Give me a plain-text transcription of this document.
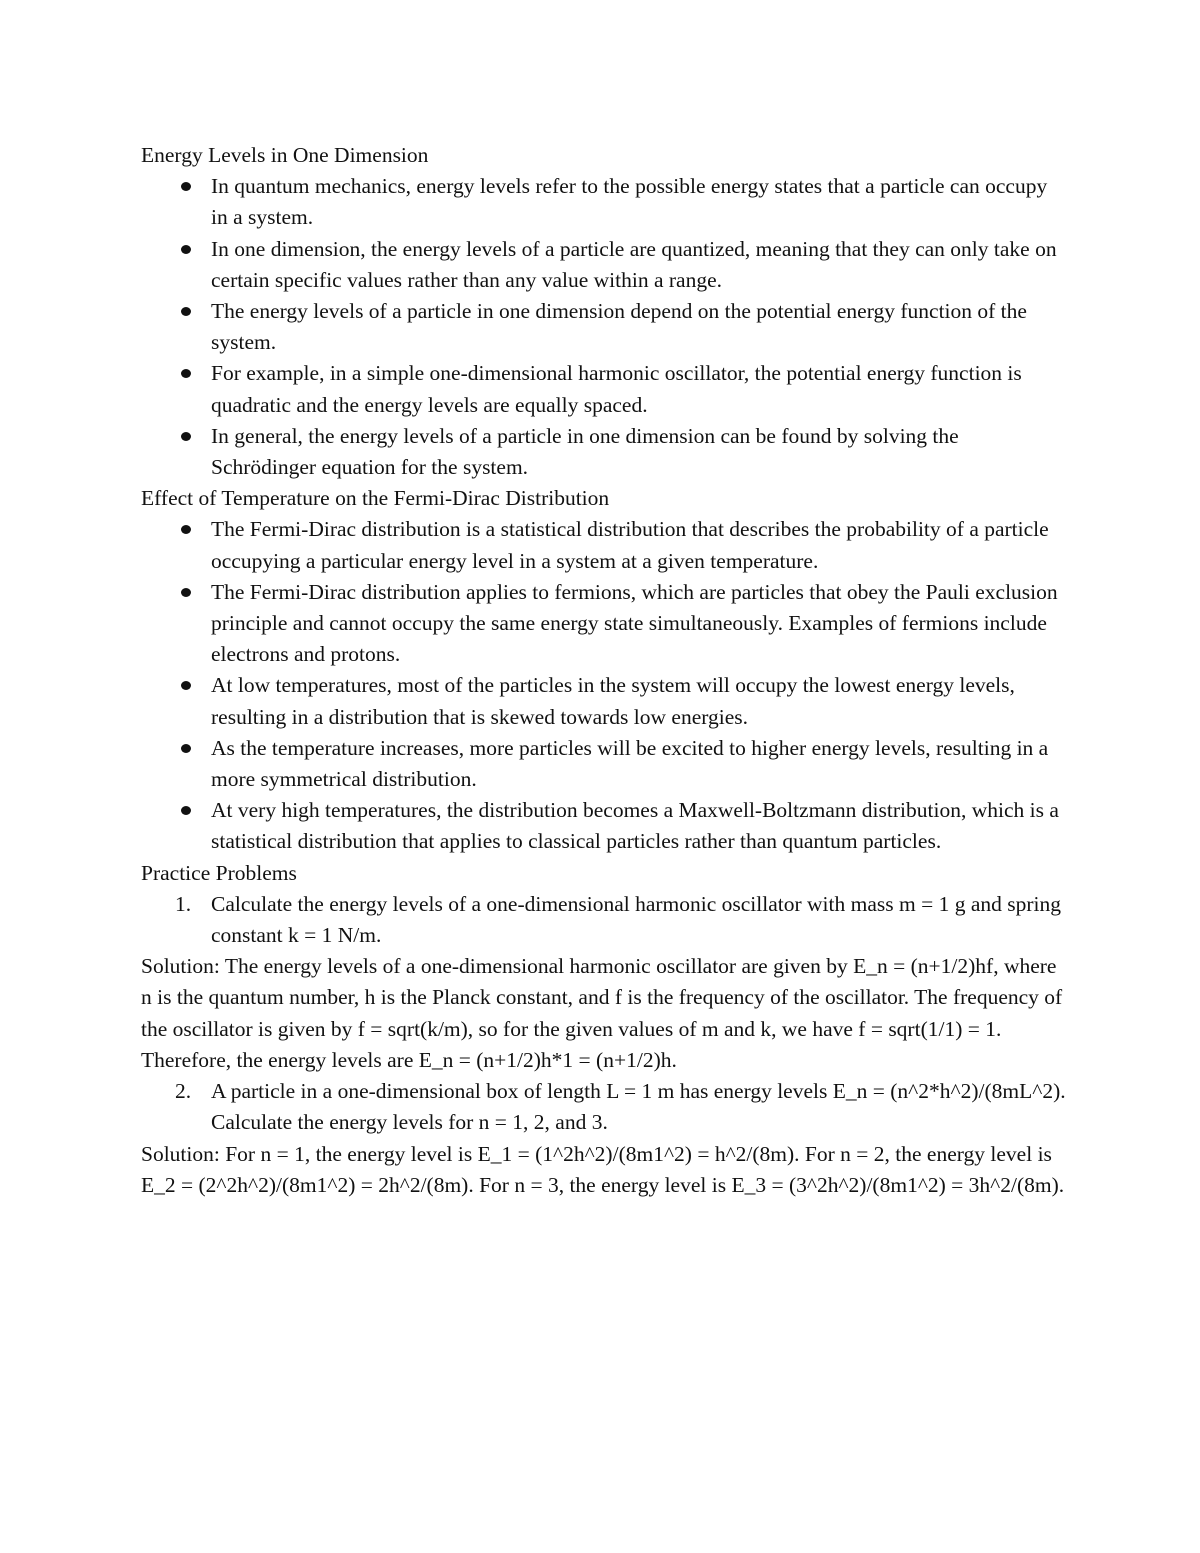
Energy Levels in One Dimension
In quantum mechanics, energy levels refer to the possible energy states that a particle can occupy in a system.
In one dimension, the energy levels of a particle are quantized, meaning that they can only take on certain specific values rather than any value within a range.
The energy levels of a particle in one dimension depend on the potential energy function of the system.
For example, in a simple one-dimensional harmonic oscillator, the potential energy function is quadratic and the energy levels are equally spaced.
In general, the energy levels of a particle in one dimension can be found by solving the Schrödinger equation for the system.
Effect of Temperature on the Fermi-Dirac Distribution
The Fermi-Dirac distribution is a statistical distribution that describes the probability of a particle occupying a particular energy level in a system at a given temperature.
The Fermi-Dirac distribution applies to fermions, which are particles that obey the Pauli exclusion principle and cannot occupy the same energy state simultaneously. Examples of fermions include electrons and protons.
At low temperatures, most of the particles in the system will occupy the lowest energy levels, resulting in a distribution that is skewed towards low energies.
As the temperature increases, more particles will be excited to higher energy levels, resulting in a more symmetrical distribution.
At very high temperatures, the distribution becomes a Maxwell-Boltzmann distribution, which is a statistical distribution that applies to classical particles rather than quantum particles.
Practice Problems
1. Calculate the energy levels of a one-dimensional harmonic oscillator with mass m = 1 g and spring constant k = 1 N/m.

Solution: The energy levels of a one-dimensional harmonic oscillator are given by E_n = (n+1/2)hf, where n is the quantum number, h is the Planck constant, and f is the frequency of the oscillator. The frequency of the oscillator is given by f = sqrt(k/m), so for the given values of m and k, we have f = sqrt(1/1) = 1. Therefore, the energy levels are E_n = (n+1/2)h*1 = (n+1/2)h.

2. A particle in a one-dimensional box of length L = 1 m has energy levels E_n = (n^2*h^2)/(8mL^2). Calculate the energy levels for n = 1, 2, and 3.

Solution: For n = 1, the energy level is E_1 = (1^2h^2)/(8m1^2) = h^2/(8m). For n = 2, the energy level is E_2 = (2^2h^2)/(8m1^2) = 2h^2/(8m). For n = 3, the energy level is E_3 = (3^2h^2)/(8m1^2) = 3h^2/(8m).
